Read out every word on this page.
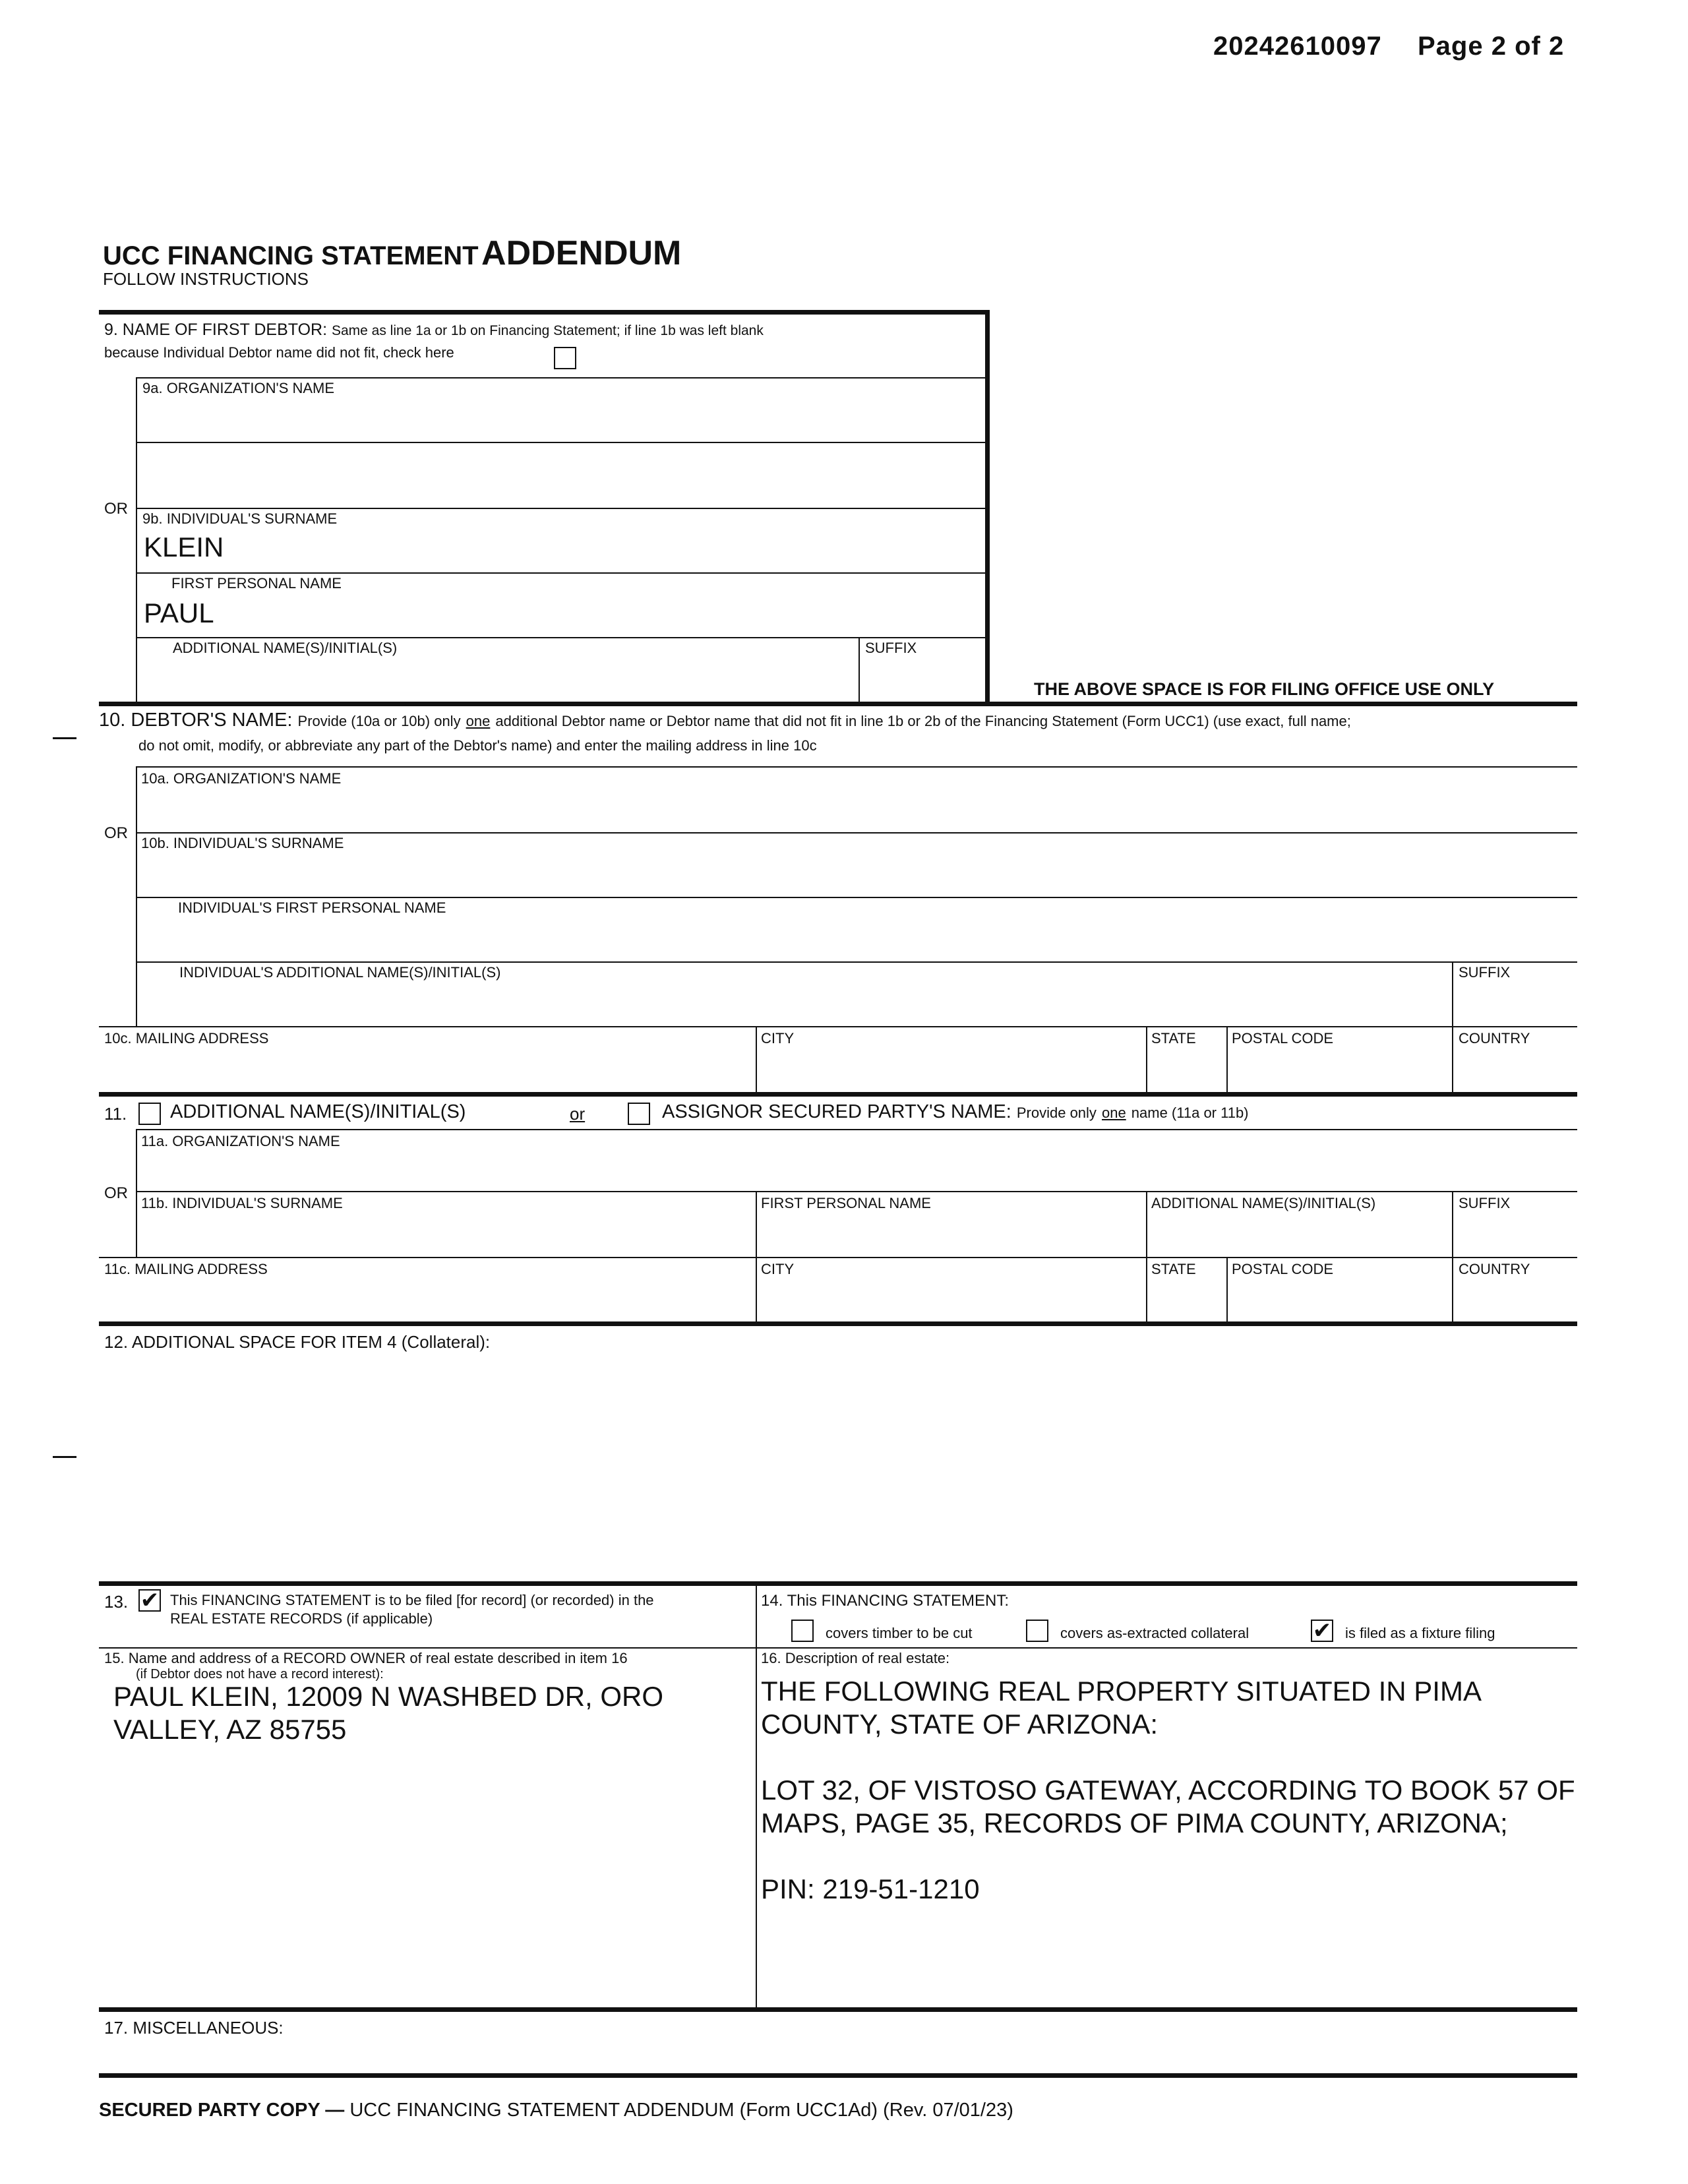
20242610097 Page 2 of 2
UCC FINANCING STATEMENT ADDENDUM
FOLLOW INSTRUCTIONS
9. NAME OF FIRST DEBTOR: Same as line 1a or 1b on Financing Statement; if line 1b was left blank
because Individual Debtor name did not fit, check here
9a. ORGANIZATION'S NAME
OR
9b. INDIVIDUAL'S SURNAME
KLEIN
FIRST PERSONAL NAME
PAUL
ADDITIONAL NAME(S)/INITIAL(S)	SUFFIX
THE ABOVE SPACE IS FOR FILING OFFICE USE ONLY
10. DEBTOR'S NAME: Provide (10a or 10b) only one additional Debtor name or Debtor name that did not fit in line 1b or 2b of the Financing Statement (Form UCC1) (use exact, full name;
do not omit, modify, or abbreviate any part of the Debtor's name) and enter the mailing address in line 10c
10a. ORGANIZATION'S NAME
OR
10b. INDIVIDUAL'S SURNAME
INDIVIDUAL'S FIRST PERSONAL NAME
INDIVIDUAL'S ADDITIONAL NAME(S)/INITIAL(S)	SUFFIX
10c. MAILING ADDRESS	CITY	STATE POSTAL CODE	COUNTRY
11. ADDITIONAL NAME(S)/INITIAL(S)	or	ASSIGNOR SECURED PARTY'S NAME: Provide only one name (11a or 11b)
11a. ORGANIZATION'S NAME
OR
11b. INDIVIDUAL'S SURNAME	FIRST PERSONAL NAME	ADDITIONAL NAME(S)/INITIAL(S)	SUFFIX
11c. MAILING ADDRESS	CITY	STATE POSTAL CODE	COUNTRY
12. ADDITIONAL SPACE FOR ITEM 4 (Collateral):
13. ✔ This FINANCING STATEMENT is to be filed [for record] (or recorded) in the
REAL ESTATE RECORDS (if applicable)
14. This FINANCING STATEMENT:
covers timber to be cut	covers as-extracted collateral	✔ is filed as a fixture filing
15. Name and address of a RECORD OWNER of real estate described in item 16
(if Debtor does not have a record interest):
PAUL KLEIN, 12009 N WASHBED DR, ORO
VALLEY, AZ 85755
16. Description of real estate:
THE FOLLOWING REAL PROPERTY SITUATED IN PIMA
COUNTY, STATE OF ARIZONA:

LOT 32, OF VISTOSO GATEWAY, ACCORDING TO BOOK 57 OF
MAPS, PAGE 35, RECORDS OF PIMA COUNTY, ARIZONA;

PIN: 219-51-1210
17. MISCELLANEOUS:
SECURED PARTY COPY — UCC FINANCING STATEMENT ADDENDUM (Form UCC1Ad) (Rev. 07/01/23)
